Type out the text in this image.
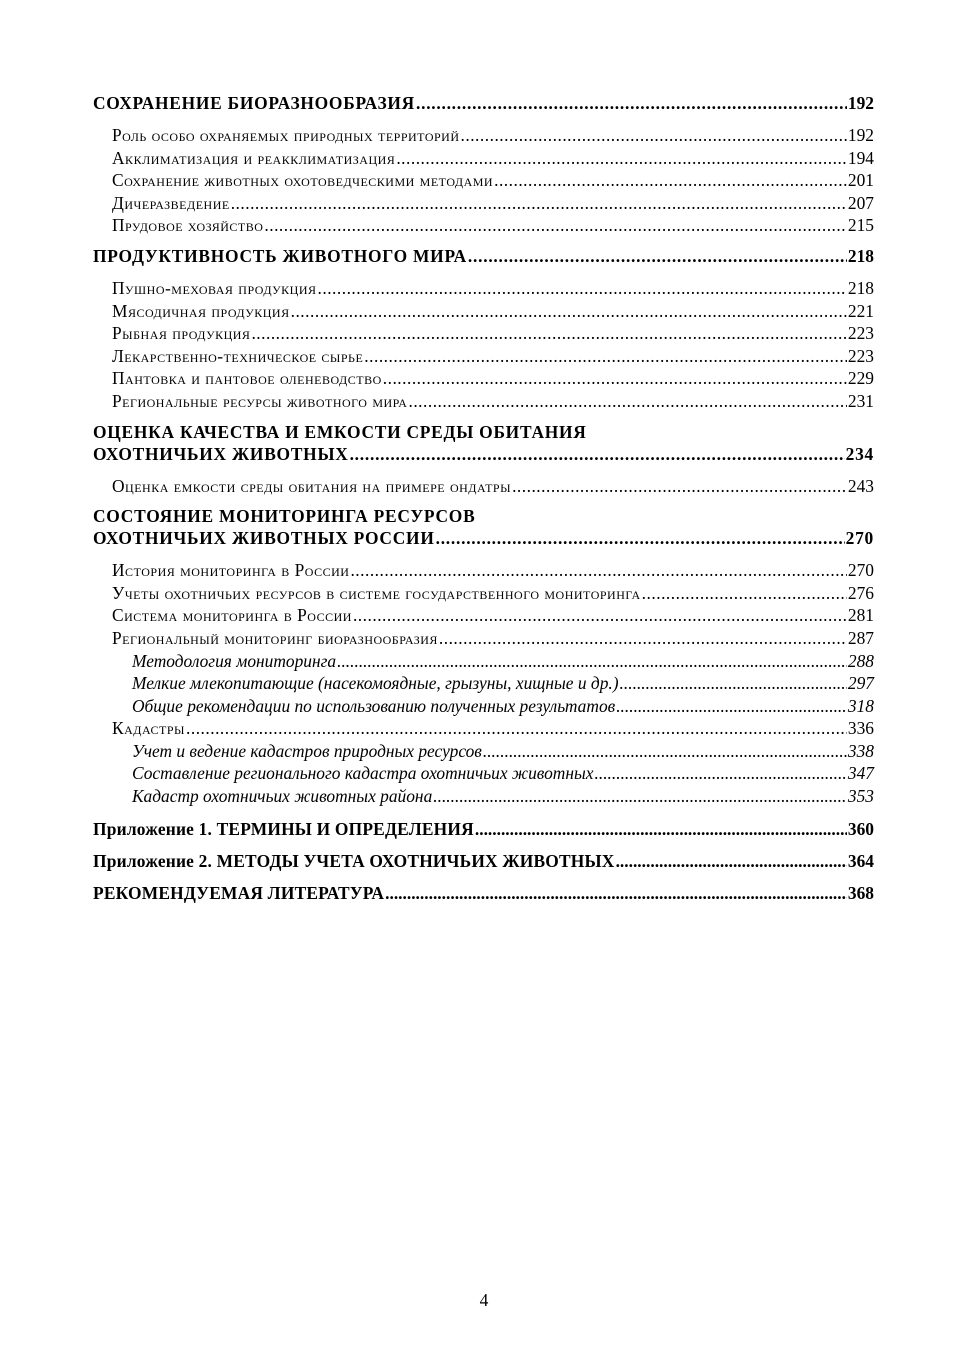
СОХРАНЕНИЕ БИОРАЗНООБРАЗИЯ .....	192
Роль особо охраняемых природных территорий .....	192
Акклиматизация и реакклиматизация .....	194
Сохранение животных охотоведческими методами .....	201
Дичеразведение .....	207
Прудовое хозяйство .....	215
ПРОДУКТИВНОСТЬ ЖИВОТНОГО МИРА .....	218
Пушно-меховая продукция .....	218
Мясодичная продукция .....	221
Рыбная продукция .....	223
Лекарственно-техническое сырье .....	223
Пантовка и пантовое оленеводство .....	229
Региональные ресурсы животного мира .....	231
ОЦЕНКА КАЧЕСТВА И ЕМКОСТИ СРЕДЫ ОБИТАНИЯ
ОХОТНИЧЬИХ ЖИВОТНЫХ .....	234
Оценка емкости среды обитания на примере ондатры .....	243
СОСТОЯНИЕ МОНИТОРИНГА РЕСУРСОВ
ОХОТНИЧЬИХ ЖИВОТНЫХ РОССИИ .....	270
История мониторинга в России .....	270
Учеты охотничьих ресурсов в системе государственного мониторинга .....	276
Система мониторинга в России .....	281
Региональный мониторинг биоразнообразия .....	287
Методология мониторинга .....	288
Мелкие млекопитающие (насекомоядные, грызуны, хищные и др.) .....	297
Общие рекомендации по использованию полученных результатов .....	318
Кадастры .....	336
Учет и ведение кадастров природных ресурсов .....	338
Составление регионального кадастра охотничьих животных .....	347
Кадастр охотничьих животных района .....	353
Приложение 1. ТЕРМИНЫ И ОПРЕДЕЛЕНИЯ .....	360
Приложение 2. МЕТОДЫ УЧЕТА ОХОТНИЧЬИХ ЖИВОТНЫХ .....	364
РЕКОМЕНДУЕМАЯ ЛИТЕРАТУРА .....	368
4
